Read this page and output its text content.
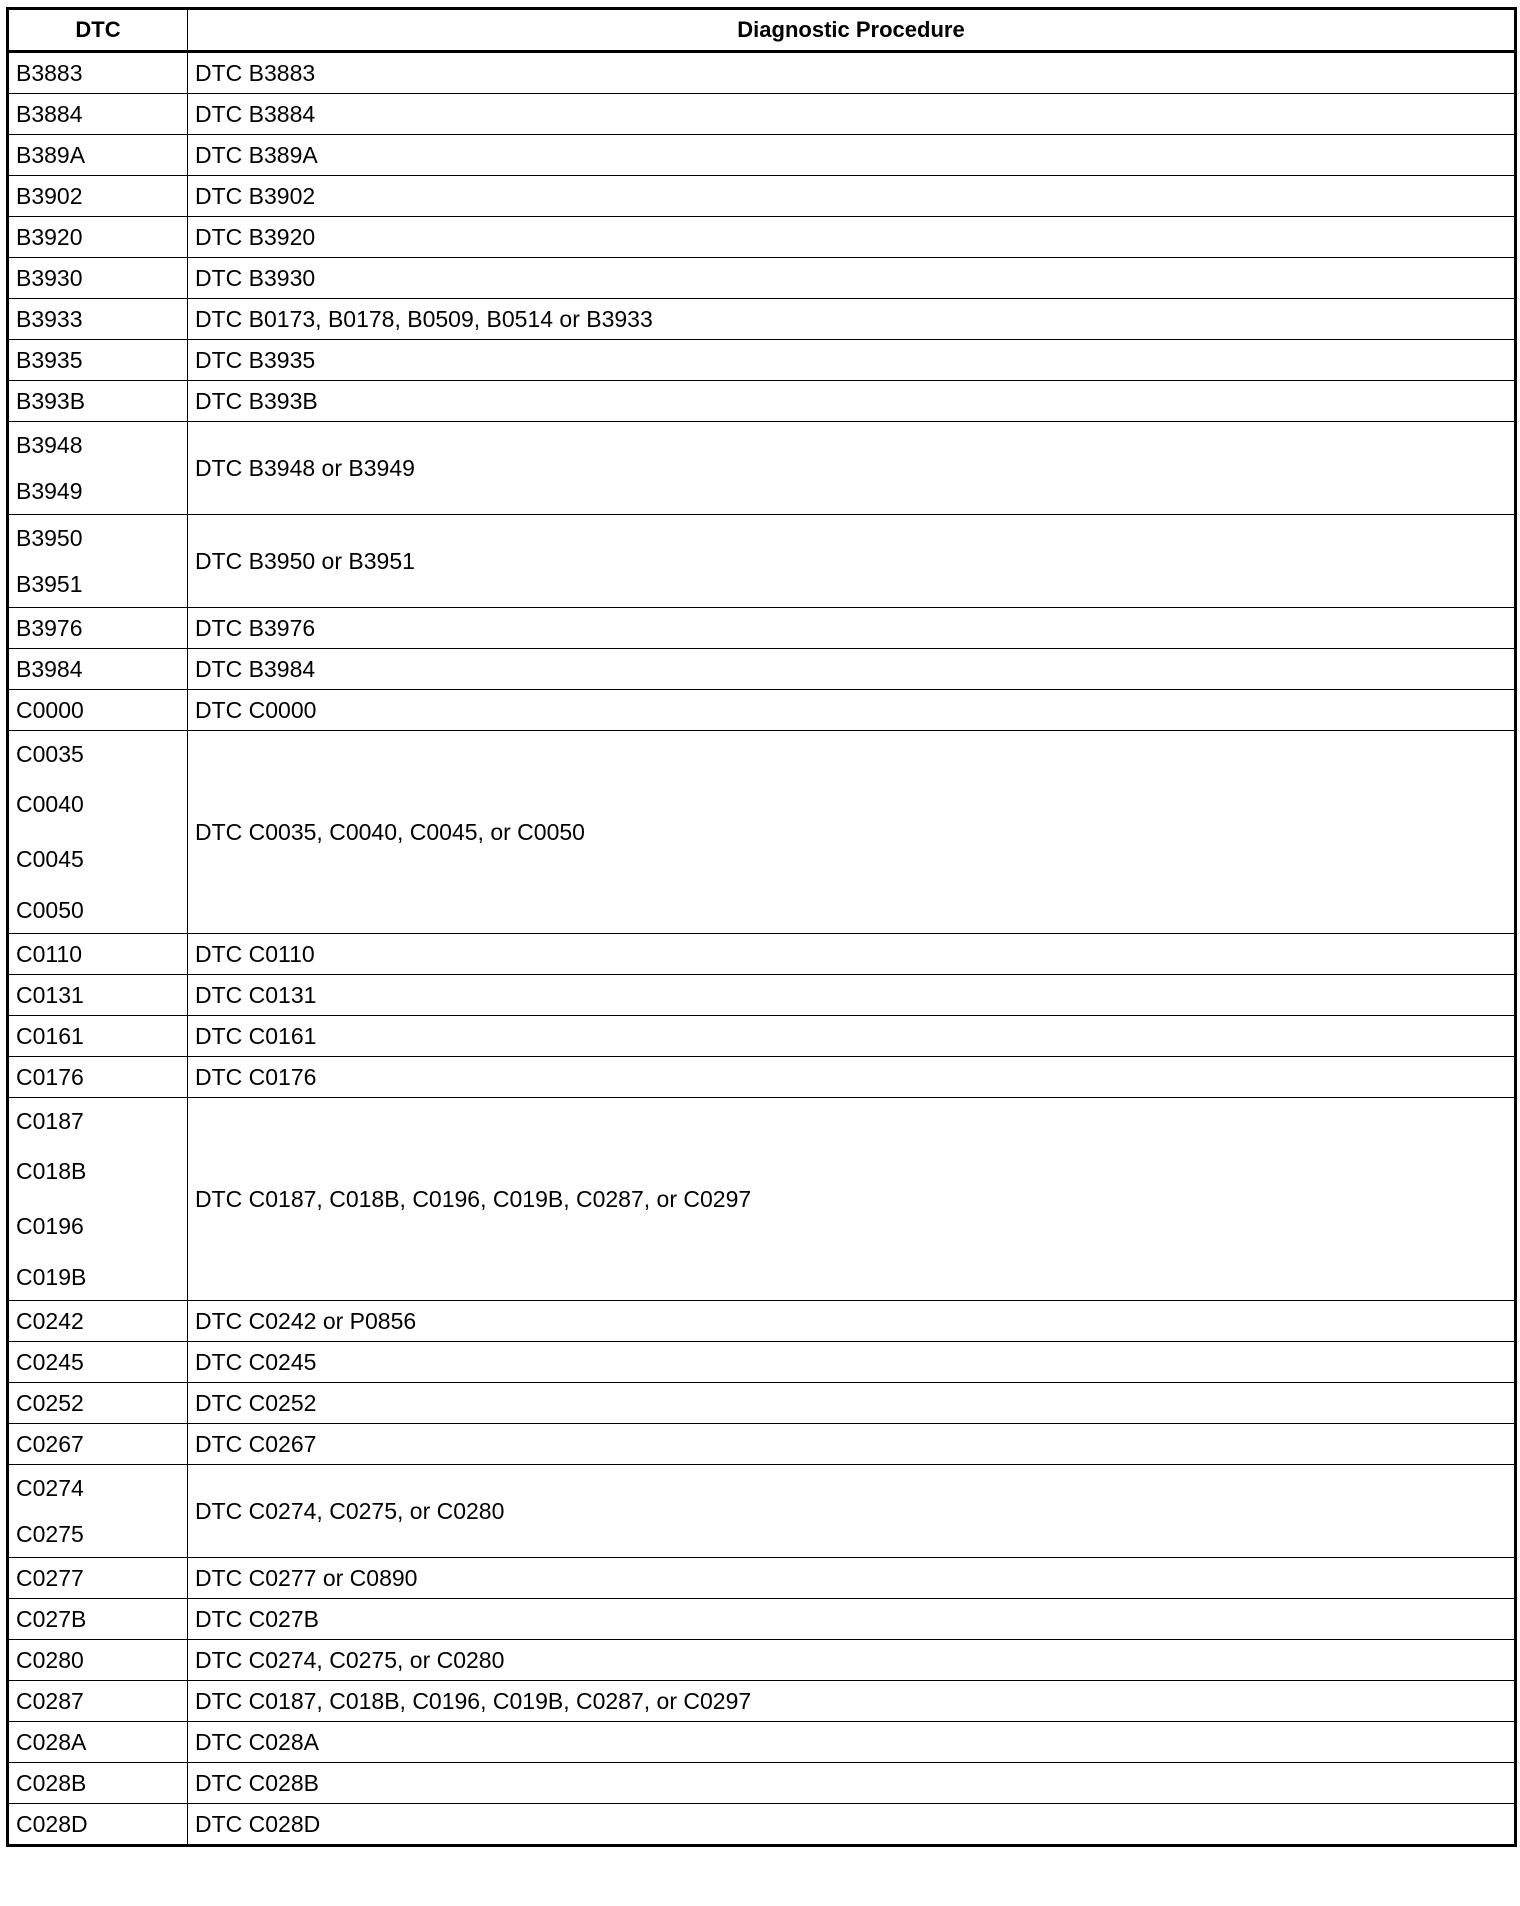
DTC	Diagnostic Procedure
B3883	DTC B3883
B3884	DTC B3884
B389A	DTC B389A
B3902	DTC B3902
B3920	DTC B3920
B3930	DTC B3930
B3933	DTC B0173, B0178, B0509, B0514 or B3933
B3935	DTC B3935
B393B	DTC B393B

B3948
B3949	DTC B3948 or B3949

B3950
B3951	DTC B3950 or B3951
B3976	DTC B3976
B3984	DTC B3984
C0000	DTC C0000

C0035
C0040
C0045
C0050	DTC C0035, C0040, C0045, or C0050
C0110	DTC C0110
C0131	DTC C0131
C0161	DTC C0161
C0176	DTC C0176

C0187
C018B
C0196
C019B	DTC C0187, C018B, C0196, C019B, C0287, or C0297
C0242	DTC C0242 or P0856
C0245	DTC C0245
C0252	DTC C0252
C0267	DTC C0267

C0274
C0275	DTC C0274, C0275, or C0280
C0277	DTC C0277 or C0890
C027B	DTC C027B
C0280	DTC C0274, C0275, or C0280
C0287	DTC C0187, C018B, C0196, C019B, C0287, or C0297
C028A	DTC C028A
C028B	DTC C028B
C028D	DTC C028D
